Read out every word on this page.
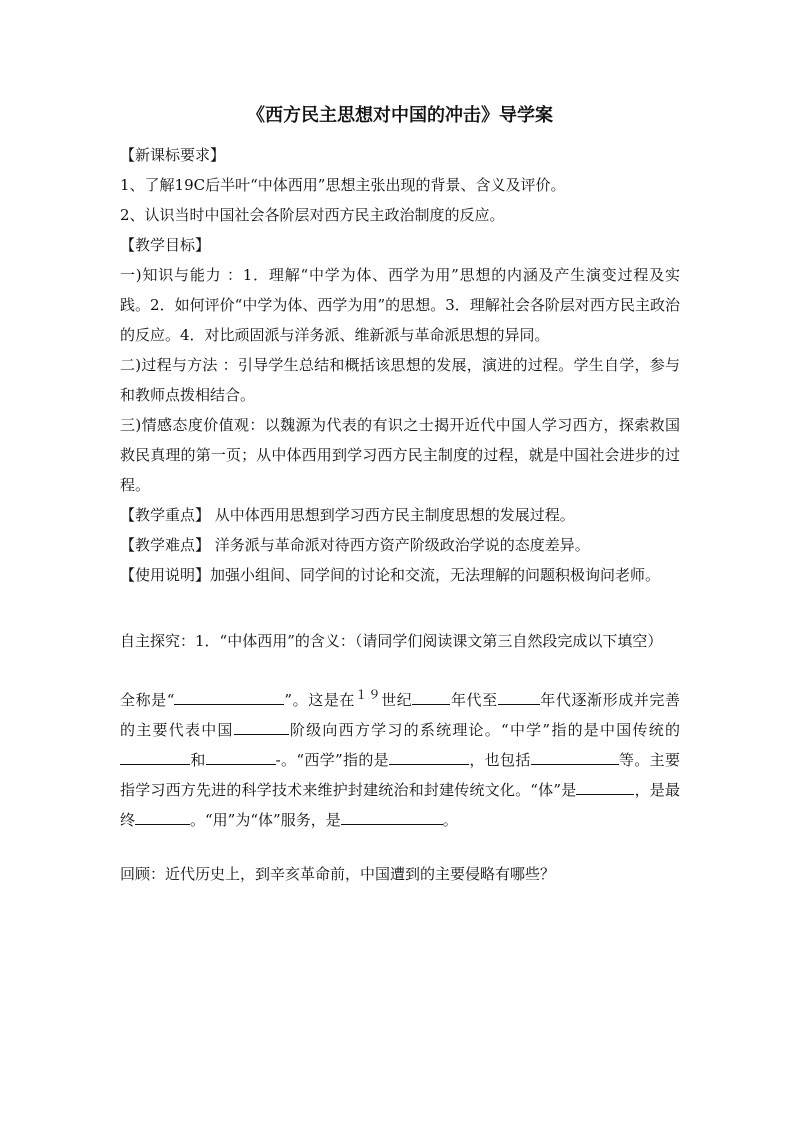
《西方民主思想对中国的冲击》导学案

【新课标要求】

1、了解19C后半叶“中体西用”思想主张出现的背景、含义及评价。

2、认识当时中国社会各阶层对西方民主政治制度的反应。

【教学目标】

一)知识与能力 ：1．理解“中学为体、西学为用”思想的内涵及产生演变过程及实践。2．如何评价“中学为体、西学为用”的思想。3．理解社会各阶层对西方民主政治的反应。4．对比顽固派与洋务派、维新派与革命派思想的异同。

二)过程与方法 ：引导学生总结和概括该思想的发展，演进的过程。学生自学，参与和教师点拨相结合。

三)情感态度价值观：以魏源为代表的有识之士揭开近代中国人学习西方，探索救国救民真理的第一页；从中体西用到学习西方民主制度的过程，就是中国社会进步的过程。

【教学重点】 从中体西用思想到学习西方民主制度思想的发展过程。

【教学难点】 洋务派与革命派对待西方资产阶级政治学说的态度差异。

【使用说明】加强小组间、同学间的讨论和交流，无法理解的问题积极询问老师。

自主探究：1．“中体西用”的含义：（请同学们阅读课文第三自然段完成以下填空）

全称是“	”。这是在$^{19}$世纪	年代至	年代逐渐形成并完善的主要代表中国	阶级向西方学习的系统理论。“中学”指的是中国传统的和	-。“西学”指的是	，也包括	等。主要指学习西方先进的科学技术来维护封建统治和封建传统文化。“体”是	，是最终	。“用”为“体”服务，是	。

回顾：近代历史上，到辛亥革命前，中国遭到的主要侵略有哪些？
